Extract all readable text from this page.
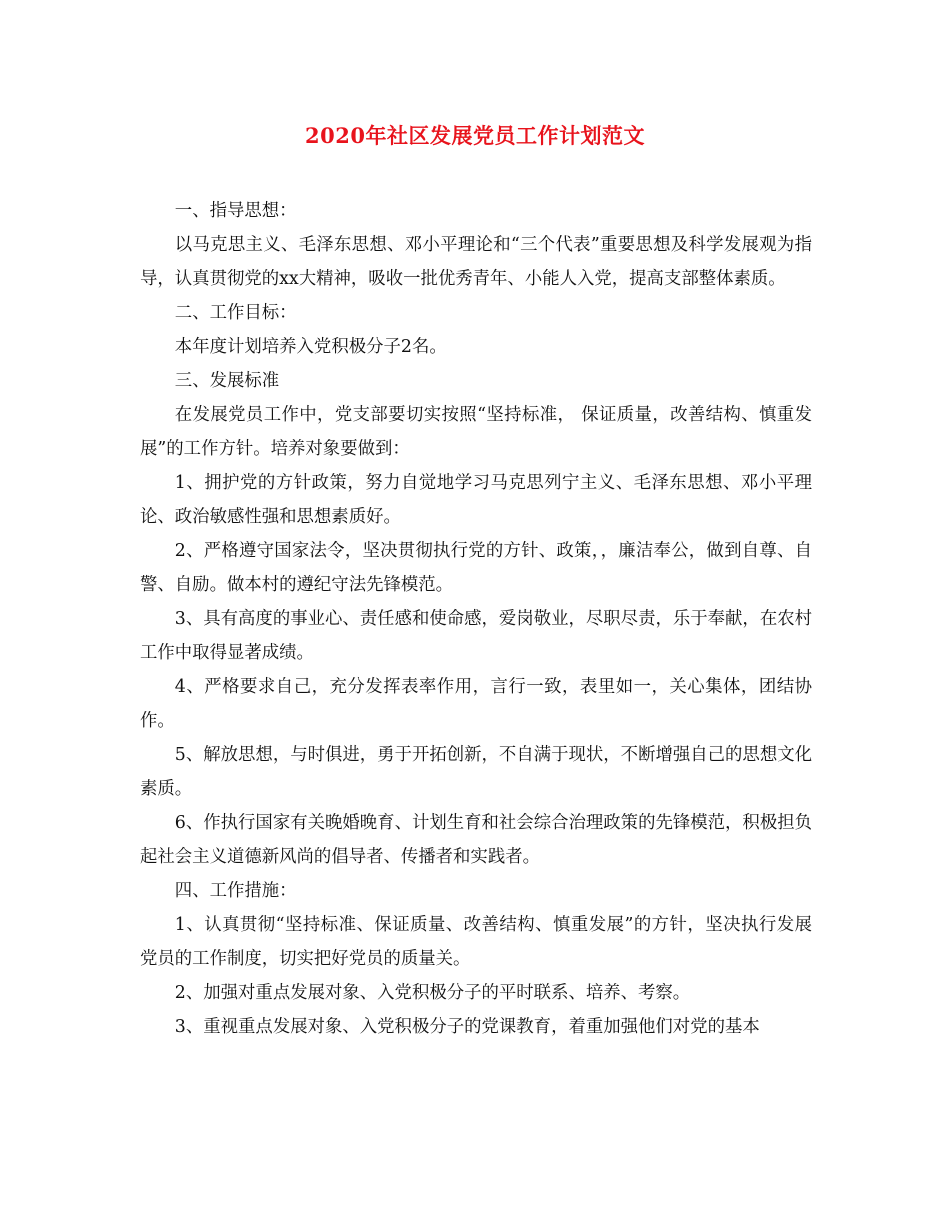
2020年社区发展党员工作计划范文

一、指导思想：

以马克思主义、毛泽东思想、邓小平理论和“三个代表”重要思想及科学发展观为指导，认真贯彻党的xx大精神，吸收一批优秀青年、小能人入党，提高支部整体素质。

二、工作目标：

本年度计划培养入党积极分子2名。

三、发展标准

在发展党员工作中，党支部要切实按照“坚持标准， 保证质量，改善结构、慎重发展”的工作方针。培养对象要做到：

1、拥护党的方针政策，努力自觉地学习马克思列宁主义、毛泽东思想、邓小平理论、政治敏感性强和思想素质好。

2、严格遵守国家法令，坚决贯彻执行党的方针、政策，，廉洁奉公，做到自尊、自警、自励。做本村的遵纪守法先锋模范。

3、具有高度的事业心、责任感和使命感，爱岗敬业，尽职尽责，乐于奉献，在农村工作中取得显著成绩。

4、严格要求自己，充分发挥表率作用，言行一致，表里如一，关心集体，团结协作。

5、解放思想，与时俱进，勇于开拓创新，不自满于现状，不断增强自己的思想文化素质。

6、作执行国家有关晚婚晚育、计划生育和社会综合治理政策的先锋模范，积极担负起社会主义道德新风尚的倡导者、传播者和实践者。

四、工作措施：

1、认真贯彻“坚持标准、保证质量、改善结构、慎重发展”的方针，坚决执行发展党员的工作制度，切实把好党员的质量关。

2、加强对重点发展对象、入党积极分子的平时联系、培养、考察。

3、重视重点发展对象、入党积极分子的党课教育，着重加强他们对党的基本
